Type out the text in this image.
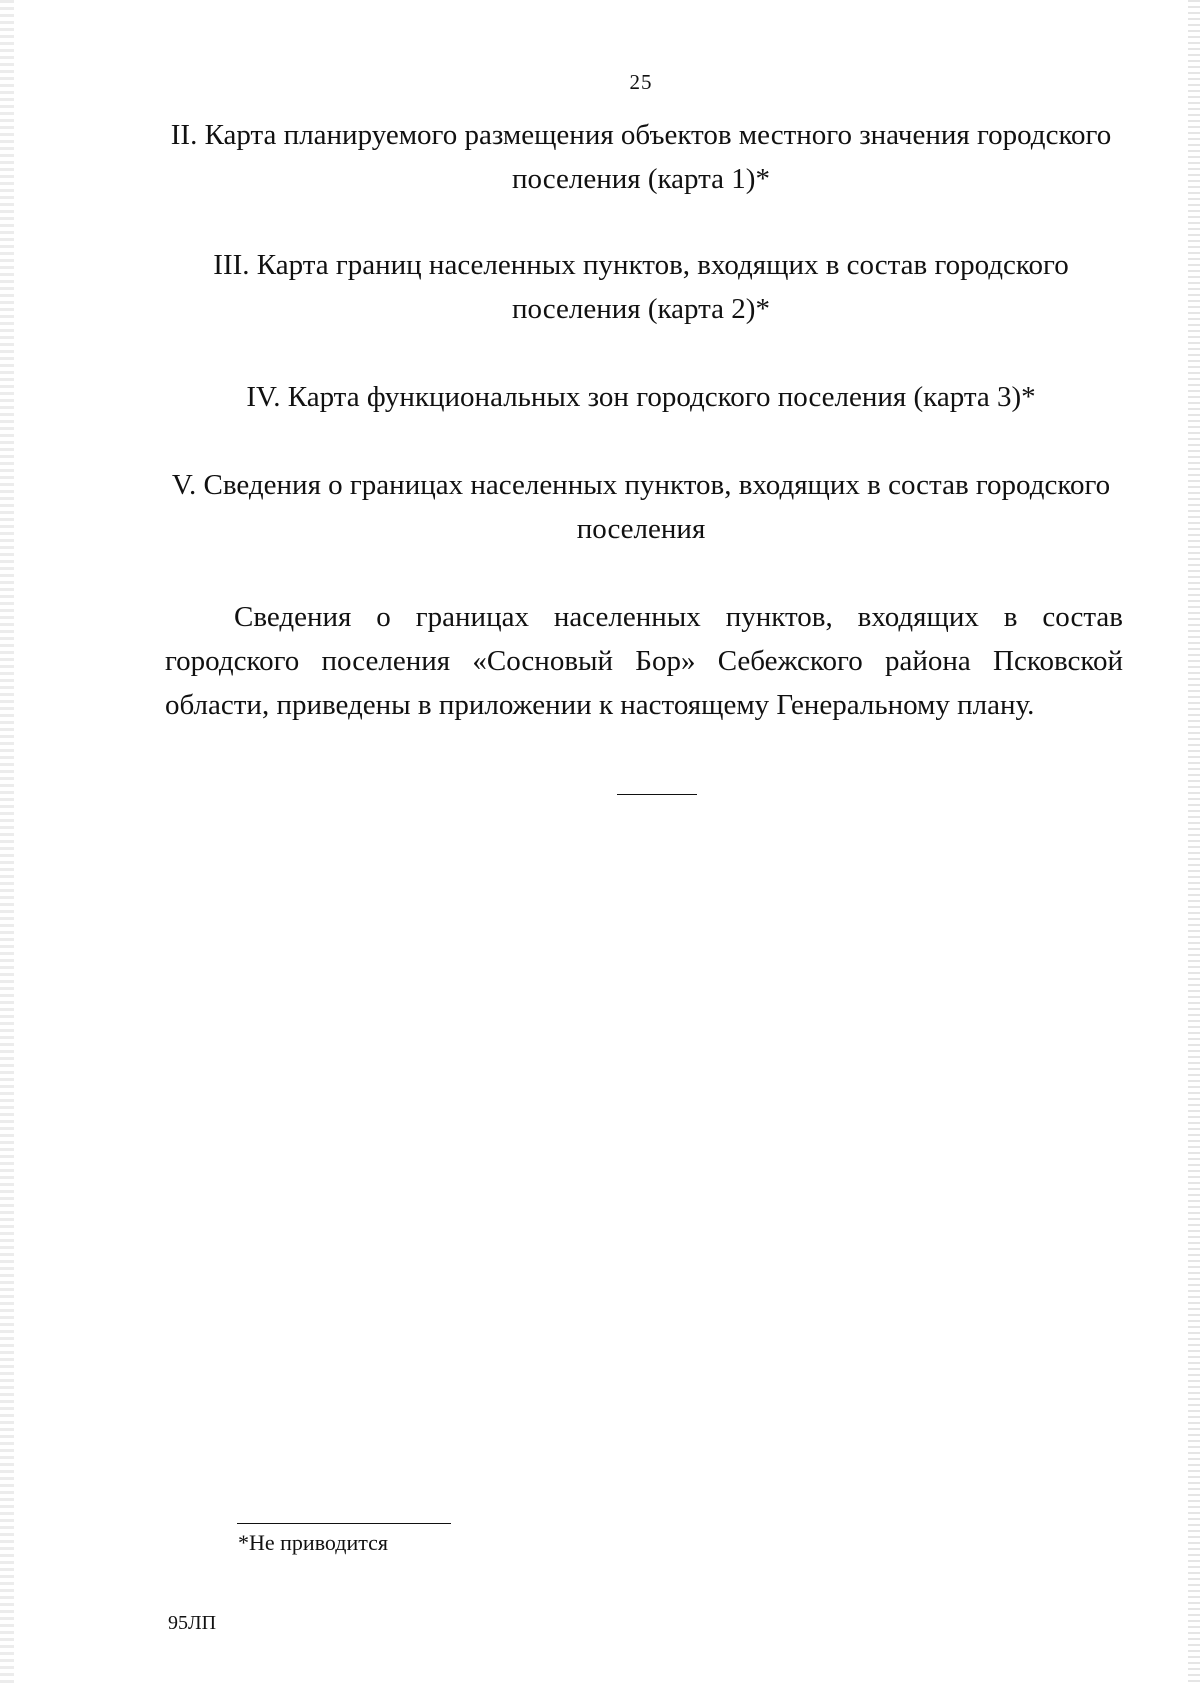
25
II. Карта планируемого размещения объектов местного значения городского поселения (карта 1)*
III. Карта границ населенных пунктов, входящих в состав городского поселения (карта 2)*
IV. Карта функциональных зон городского поселения (карта 3)*
V. Сведения о границах населенных пунктов, входящих в состав городского поселения

Сведения о границах населенных пунктов, входящих в состав городского поселения «Сосновый Бор» Себежского района Псковской области, приведены в приложении к настоящему Генеральному плану.

*Не приводится
95ЛП
